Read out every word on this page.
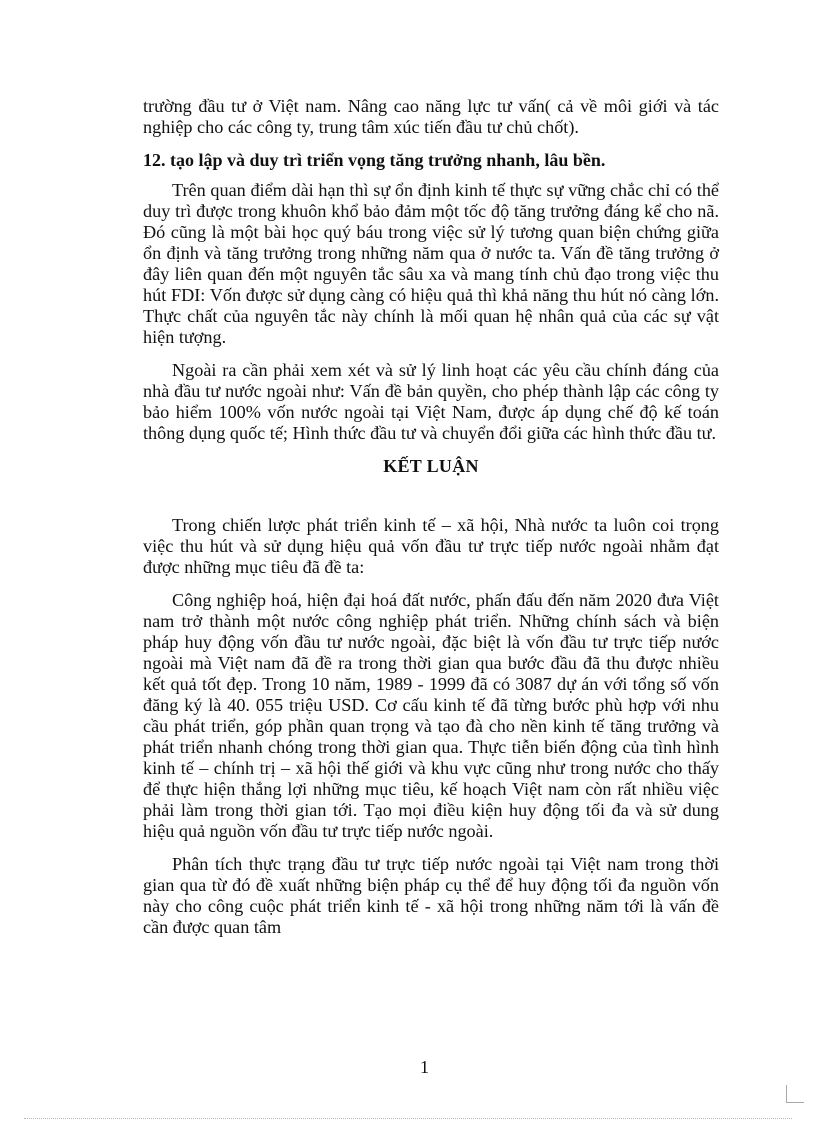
trường đầu tư ở Việt nam. Nâng cao năng lực tư vấn( cả về môi giới và tác nghiệp cho các công ty, trung tâm xúc tiến đầu tư chủ chốt).

12. tạo lập và duy trì triển vọng tăng trưởng nhanh, lâu bền.

Trên quan điểm dài hạn thì sự ổn định kinh tế thực sự vững chắc chỉ có thể duy trì được trong khuôn khổ bảo đảm một tốc độ tăng trưởng đáng kể cho nã. Đó cũng là một bài học quý báu trong việc sử lý tương quan biện chứng giữa ổn định và tăng trưởng trong những năm qua ở nước ta. Vấn đề tăng trưởng ở đây liên quan đến một nguyên tắc sâu xa và mang tính chủ đạo trong việc thu hút FDI: Vốn được sử dụng càng có hiệu quả thì khả năng thu hút nó càng lớn. Thực chất của nguyên tắc này chính là mối quan hệ nhân quả của các sự vật hiện tượng.

Ngoài ra cần phải xem xét và sử lý linh hoạt các yêu cầu chính đáng của nhà đầu tư nước ngoài như: Vấn đề bản quyền, cho phép thành lập các công ty bảo hiểm 100% vốn nước ngoài tại Việt Nam, được áp dụng chế độ kế toán thông dụng quốc tế; Hình thức đầu tư và chuyển đổi giữa các hình thức đầu tư.

KẾT LUẬN

Trong chiến lược phát triển kinh tế – xã hội, Nhà nước ta luôn coi trọng việc thu hút và sử dụng hiệu quả vốn đầu tư trực tiếp nước ngoài nhằm đạt được những mục tiêu đã đề ta:

Công nghiệp hoá, hiện đại hoá đất nước, phấn đấu đến năm 2020 đưa Việt nam trở thành một nước công nghiệp phát triển. Những chính sách và biện pháp huy động vốn đầu tư nước ngoài, đặc biệt là vốn đầu tư trực tiếp nước ngoài mà Việt nam đã đề ra trong thời gian qua bước đầu đã thu được nhiều kết quả tốt đẹp. Trong 10 năm, 1989 - 1999 đã có 3087 dự án với tổng số vốn đăng ký là 40. 055 triệu USD. Cơ cấu kinh tế đã từng bước phù hợp với nhu cầu phát triển, góp phần quan trọng và tạo đà cho nền kinh tế tăng trưởng và phát triển nhanh chóng trong thời gian qua. Thực tiễn biến động của tình hình kinh tế – chính trị – xã hội thế giới và khu vực cũng như trong nước cho thấy để thực hiện thắng lợi những mục tiêu, kế hoạch Việt nam còn rất nhiều việc phải làm trong thời gian tới. Tạo mọi điều kiện huy động tối đa và sử dung hiệu quả nguồn vốn đầu tư trực tiếp nước ngoài.

Phân tích thực trạng đầu tư trực tiếp nước ngoài tại Việt nam trong thời gian qua từ đó đề xuất những biện pháp cụ thể để huy động tối đa nguồn vốn này cho công cuộc phát triển kinh tế - xã hội trong những năm tới là vấn đề cần được quan tâm

1
